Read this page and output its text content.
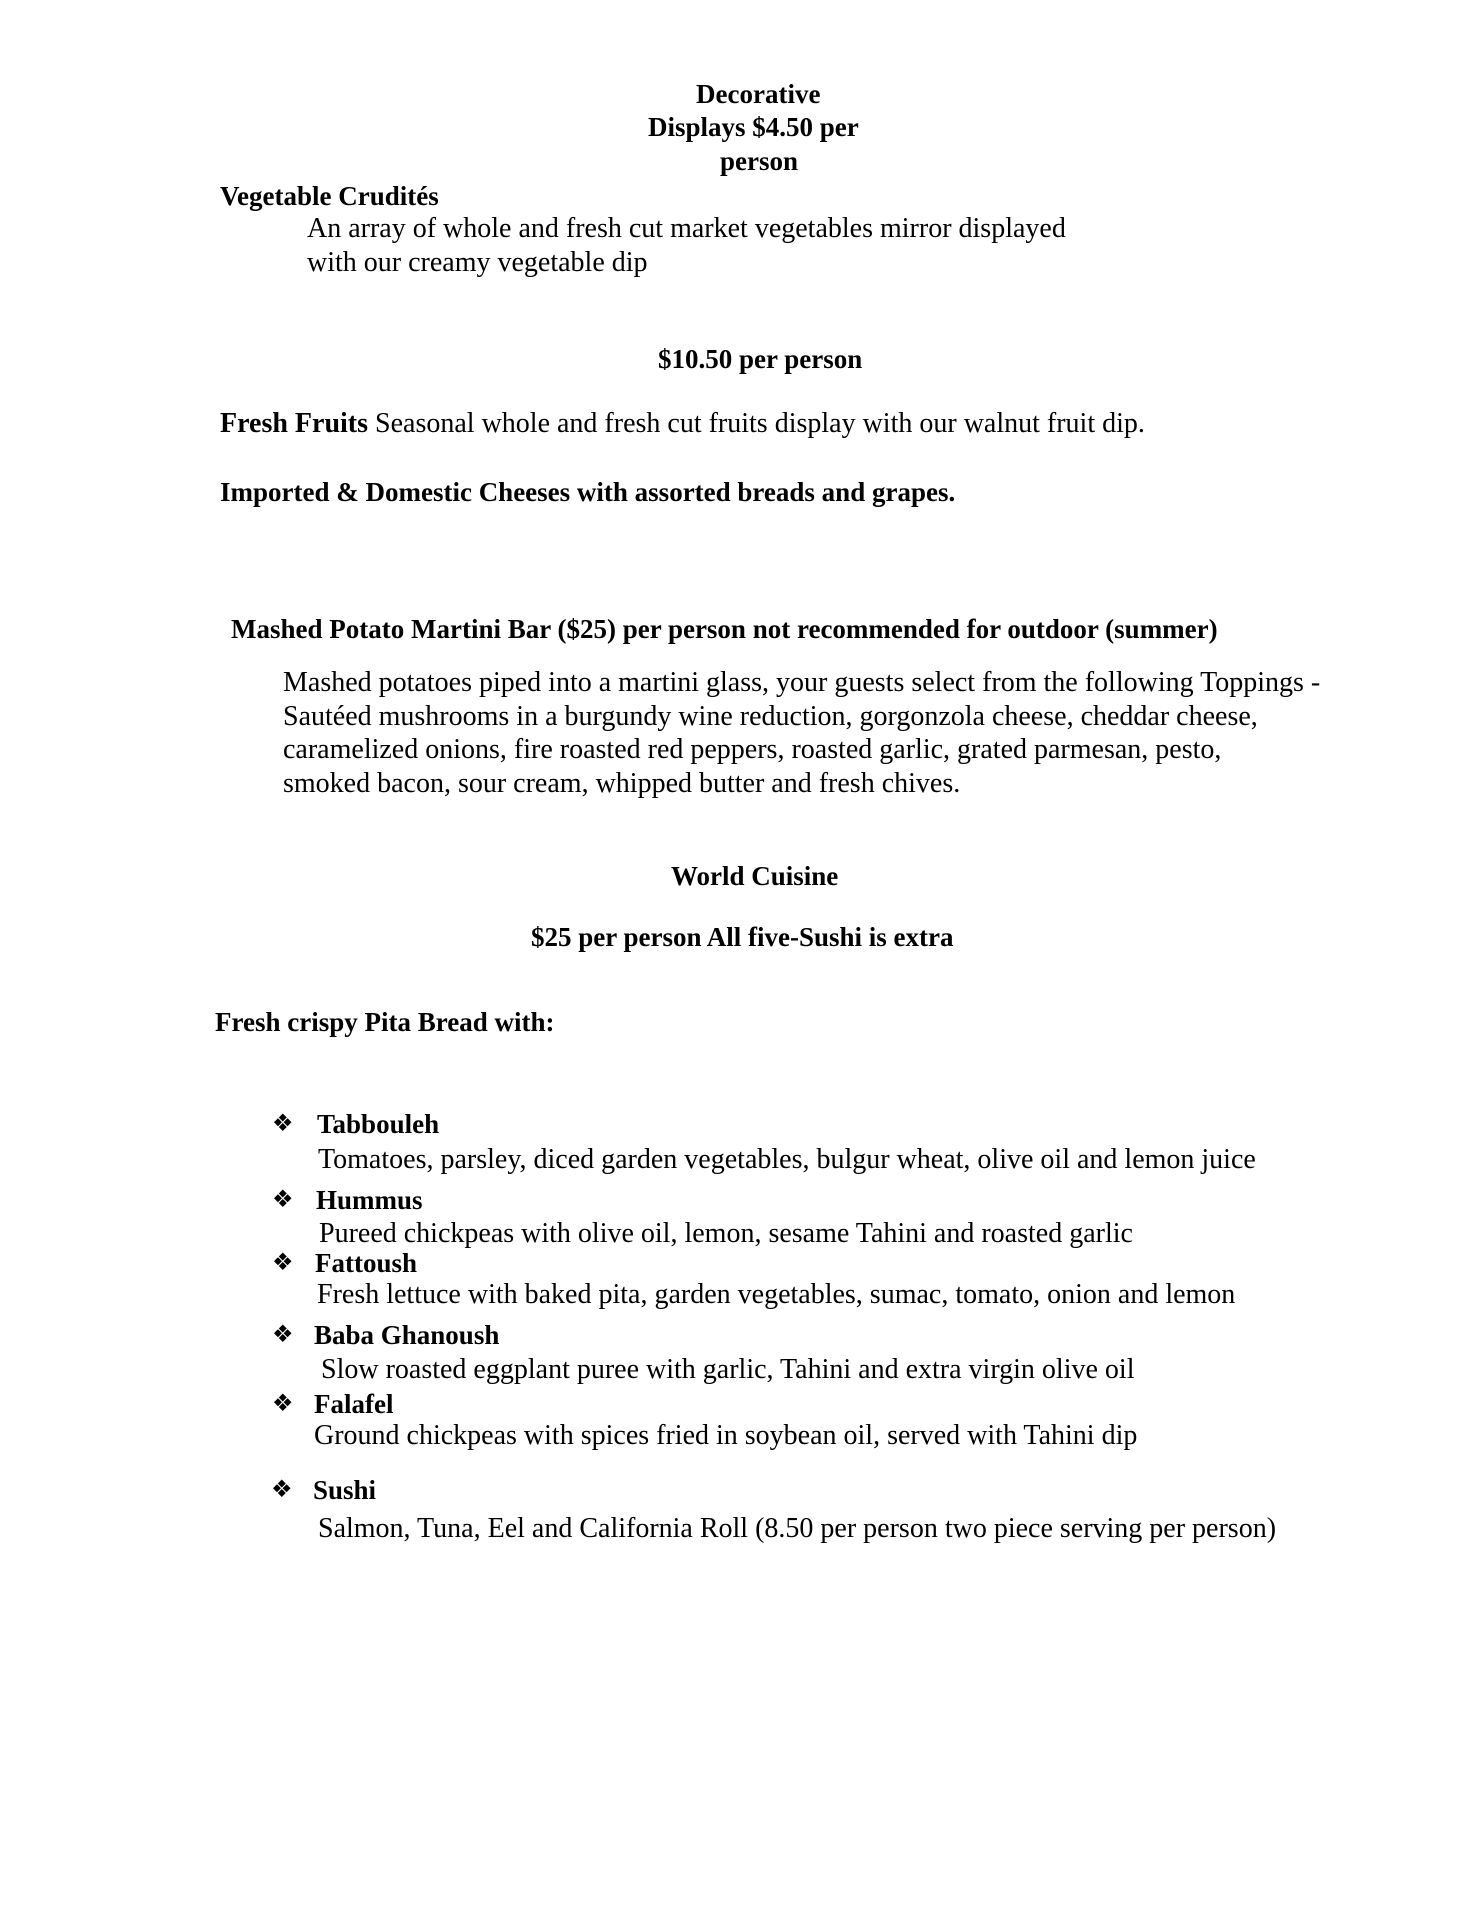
Decorative
Displays $4.50 per
person
Vegetable Crudités
An array of whole and fresh cut market vegetables mirror displayed
with our creamy vegetable dip
$10.50 per person
Fresh Fruits Seasonal whole and fresh cut fruits display with our walnut fruit dip.
Imported & Domestic Cheeses with assorted breads and grapes.
Mashed Potato Martini Bar ($25) per person not recommended for outdoor (summer)
Mashed potatoes piped into a martini glass, your guests select from the following Toppings -
Sautéed mushrooms in a burgundy wine reduction, gorgonzola cheese, cheddar cheese,
caramelized onions, fire roasted red peppers, roasted garlic, grated parmesan, pesto,
smoked bacon, sour cream, whipped butter and fresh chives.
World Cuisine
$25 per person All five-Sushi is extra
Fresh crispy Pita Bread with:
❖ Tabbouleh
Tomatoes, parsley, diced garden vegetables, bulgur wheat, olive oil and lemon juice
❖ Hummus
Pureed chickpeas with olive oil, lemon, sesame Tahini and roasted garlic
❖ Fattoush
Fresh lettuce with baked pita, garden vegetables, sumac, tomato, onion and lemon
❖ Baba Ghanoush
Slow roasted eggplant puree with garlic, Tahini and extra virgin olive oil
❖ Falafel
Ground chickpeas with spices fried in soybean oil, served with Tahini dip
❖ Sushi
Salmon, Tuna, Eel and California Roll (8.50 per person two piece serving per person)
